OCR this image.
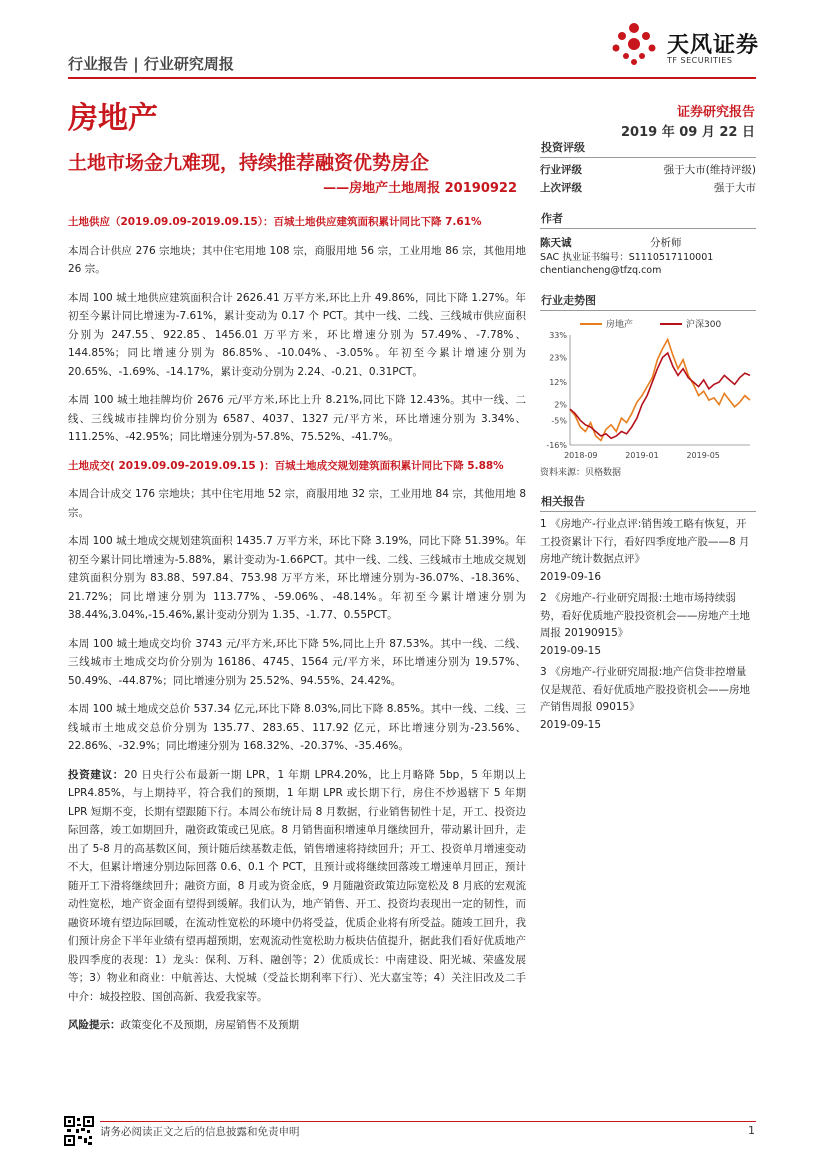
行业报告 | 行业研究周报
天风证券
TF SECURITIES
房地产	证券研究报告
2019 年 09 月 22 日
土地市场金九难现，持续推荐融资优势房企
——房地产土地周报 20190922

土地供应（2019.09.09-2019.09.15）：百城土地供应建筑面积累计同比下降 7.61%

本周合计供应 276 宗地块；其中住宅用地 108 宗，商服用地 56 宗，工业用地 86 宗，其他用地 26 宗。

本周 100 城土地供应建筑面积合计 2626.41 万平方米,环比上升 49.86%，同比下降 1.27%。年初至今累计同比增速为-7.61%，累计变动为 0.17 个 PCT。其中一线、二线、三线城市供应面积分别为 247.55、922.85、1456.01 万平方米，环比增速分别为 57.49%、-7.78%、144.85%；同比增速分别为 86.85%、-10.04%、-3.05%。年初至今累计增速分别为 20.65%、-1.69%、-14.17%，累计变动分别为 2.24、-0.21、0.31PCT。

本周 100 城土地挂牌均价 2676 元/平方米,环比上升 8.21%,同比下降 12.43%。其中一线、二线、三线城市挂牌均价分别为 6587、4037、1327 元/平方米，环比增速分别为 3.34%、111.25%、-42.95%；同比增速分别为-57.8%、75.52%、-41.7%。

土地成交( 2019.09.09-2019.09.15 )：百城土地成交规划建筑面积累计同比下降 5.88%

本周合计成交 176 宗地块；其中住宅用地 52 宗，商服用地 32 宗，工业用地 84 宗，其他用地 8 宗。

本周 100 城土地成交规划建筑面积 1435.7 万平方米，环比下降 3.19%，同比下降 51.39%。年初至今累计同比增速为-5.88%，累计变动为-1.66PCT。其中一线、二线、三线城市土地成交规划建筑面积分别为 83.88、597.84、753.98 万平方米，环比增速分别为-36.07%、-18.36%、21.72%；同比增速分别为 113.77%、-59.06%、-48.14%。年初至今累计增速分别为 38.44%,3.04%,-15.46%,累计变动分别为 1.35、-1.77、0.55PCT。

本周 100 城土地成交均价 3743 元/平方米,环比下降 5%,同比上升 87.53%。其中一线、二线、三线城市土地成交均价分别为 16186、4745、1564 元/平方米，环比增速分别为 19.57%、50.49%、-44.87%；同比增速分别为 25.52%、94.55%、24.42%。

本周 100 城土地成交总价 537.34 亿元,环比下降 8.03%,同比下降 8.85%。其中一线、二线、三线城市土地成交总价分别为 135.77、283.65、117.92 亿元，环比增速分别为-23.56%、22.86%、-32.9%；同比增速分别为 168.32%、-20.37%、-35.46%。

投资建议：20 日央行公布最新一期 LPR，1 年期 LPR4.20%，比上月略降 5bp，5 年期以上 LPR4.85%，与上期持平，符合我们的预期，1 年期 LPR 或长期下行，房住不炒遏辖下 5 年期 LPR 短期不变，长期有望跟随下行。本周公布统计局 8 月数据，行业销售韧性十足，开工、投资边际回落，竣工如期回升，融资政策或已见底。8 月销售面积增速单月继续回升，带动累计回升，走出了 5-8 月的高基数区间，预计随后续基数走低，销售增速将持续回升；开工、投资单月增速变动不大，但累计增速分别边际回落 0.6、0.1 个 PCT，且预计或将继续回落竣工增速单月回正，预计随开工下滑将继续回升；融资方面，8 月或为资金底，9 月随融资政策边际宽松及 8 月底的宏观流动性宽松，地产资金面有望得到缓解。我们认为，地产销售、开工、投资均表现出一定的韧性，而融资环境有望边际回暖，在流动性宽松的环境中仍将受益，优质企业将有所受益。随竣工回升，我们预计房企下半年业绩有望再超预期，宏观流动性宽松助力板块估值提升，据此我们看好优质地产股四季度的表现：1）龙头：保利、万科、融创等；2）优质成长：中南建设、阳光城、荣盛发展等；3）物业和商业：中航善达、大悦城（受益长期利率下行）、光大嘉宝等；4）关注旧改及二手中介：城投控股、国创高新、我爱我家等。

风险提示：政策变化不及预期，房屋销售不及预期

投资评级
行业评级	强于大市(维持评级)
上次评级	强于大市
作者
陈天诚	分析师
SAC 执业证书编号：S1110517110001
chentiancheng@tfzq.com
行业走势图
房地产	沪深300
33%
23%
12%
2%
-5%
-16%
2018-09	2019-01	2019-05
资料来源：贝格数据
相关报告
1 《房地产-行业点评:销售竣工略有恢复，开工投资累计下行，看好四季度地产股——8 月房地产统计数据点评》
2019-09-16
2 《房地产-行业研究周报:土地市场持续弱势，看好优质地产股投资机会——房地产土地周报 20190915》
2019-09-15
3 《房地产-行业研究周报:地产信贷非控增量仅是规范、看好优质地产股投资机会——房地产销售周报 09015》
2019-09-15
请务必阅读正文之后的信息披露和免责申明	1
